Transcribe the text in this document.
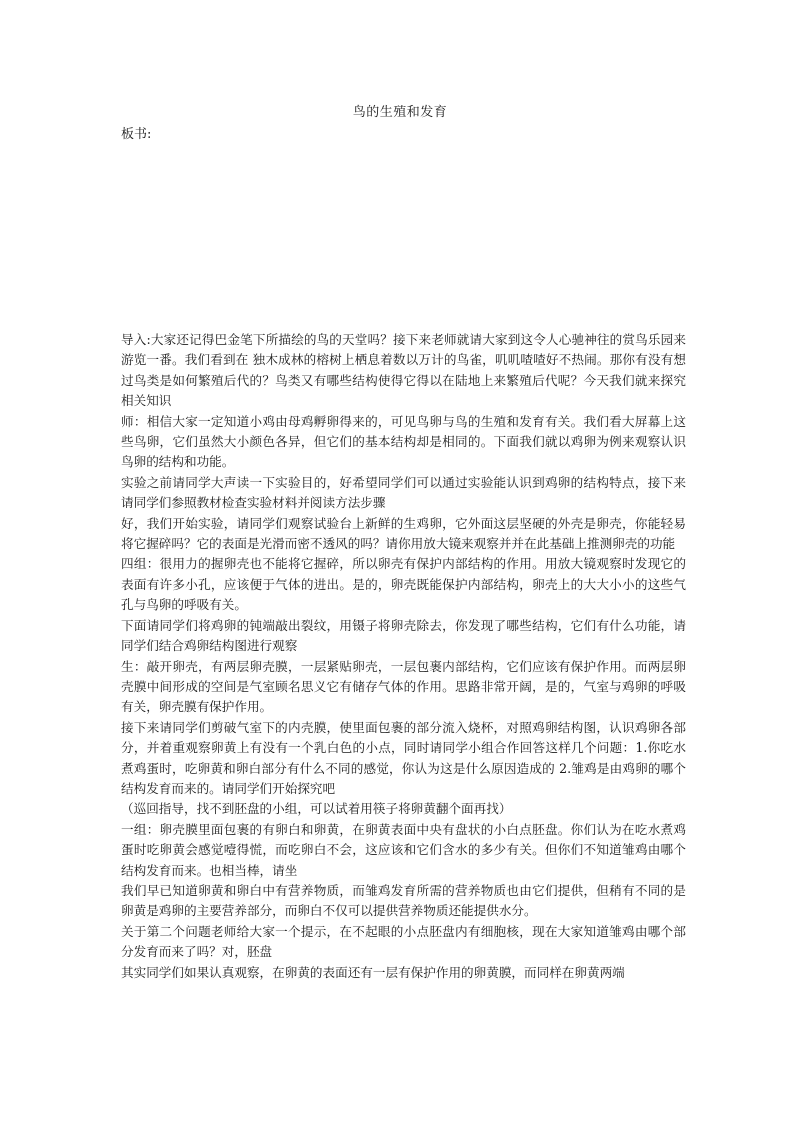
鸟的生殖和发育
板书:

导入:大家还记得巴金笔下所描绘的鸟的天堂吗？接下来老师就请大家到这令人心驰神往的赏鸟乐园来游览一番。我们看到在 独木成林的榕树上栖息着数以万计的鸟雀，叽叽喳喳好不热闹。那你有没有想过鸟类是如何繁殖后代的？鸟类又有哪些结构使得它得以在陆地上来繁殖后代呢？今天我们就来探究相关知识

师：相信大家一定知道小鸡由母鸡孵卵得来的，可见鸟卵与鸟的生殖和发育有关。我们看大屏幕上这些鸟卵，它们虽然大小颜色各异，但它们的基本结构却是相同的。下面我们就以鸡卵为例来观察认识鸟卵的结构和功能。

实验之前请同学大声读一下实验目的，好希望同学们可以通过实验能认识到鸡卵的结构特点，接下来请同学们参照教材检查实验材料并阅读方法步骤

好，我们开始实验，请同学们观察试验台上新鲜的生鸡卵，它外面这层坚硬的外壳是卵壳，你能轻易将它握碎吗？它的表面是光滑而密不透风的吗？请你用放大镜来观察并并在此基础上推测卵壳的功能

四组：很用力的握卵壳也不能将它握碎，所以卵壳有保护内部结构的作用。用放大镜观察时发现它的表面有许多小孔，应该便于气体的进出。是的，卵壳既能保护内部结构，卵壳上的大大小小的这些气孔与鸟卵的呼吸有关。

下面请同学们将鸡卵的钝端敲出裂纹，用镊子将卵壳除去，你发现了哪些结构，它们有什么功能，请同学们结合鸡卵结构图进行观察

生：敲开卵壳，有两层卵壳膜，一层紧贴卵壳，一层包裹内部结构，它们应该有保护作用。而两层卵壳膜中间形成的空间是气室顾名思义它有储存气体的作用。思路非常开阔，是的，气室与鸡卵的呼吸有关，卵壳膜有保护作用。

接下来请同学们剪破气室下的内壳膜，使里面包裹的部分流入烧杯，对照鸡卵结构图，认识鸡卵各部分，并着重观察卵黄上有没有一个乳白色的小点，同时请同学小组合作回答这样几个问题：1.你吃水煮鸡蛋时，吃卵黄和卵白部分有什么不同的感觉，你认为这是什么原因造成的 2.雏鸡是由鸡卵的哪个结构发育而来的。请同学们开始探究吧

（巡回指导，找不到胚盘的小组，可以试着用筷子将卵黄翻个面再找）

一组：卵壳膜里面包裹的有卵白和卵黄，在卵黄表面中央有盘状的小白点胚盘。你们认为在吃水煮鸡蛋时吃卵黄会感觉噎得慌，而吃卵白不会，这应该和它们含水的多少有关。但你们不知道雏鸡由哪个结构发育而来。也相当棒，请坐

我们早已知道卵黄和卵白中有营养物质，而雏鸡发育所需的营养物质也由它们提供，但稍有不同的是卵黄是鸡卵的主要营养部分，而卵白不仅可以提供营养物质还能提供水分。

关于第二个问题老师给大家一个提示，在不起眼的小点胚盘内有细胞核，现在大家知道雏鸡由哪个部分发育而来了吗？对，胚盘

其实同学们如果认真观察，在卵黄的表面还有一层有保护作用的卵黄膜，而同样在卵黄两端
